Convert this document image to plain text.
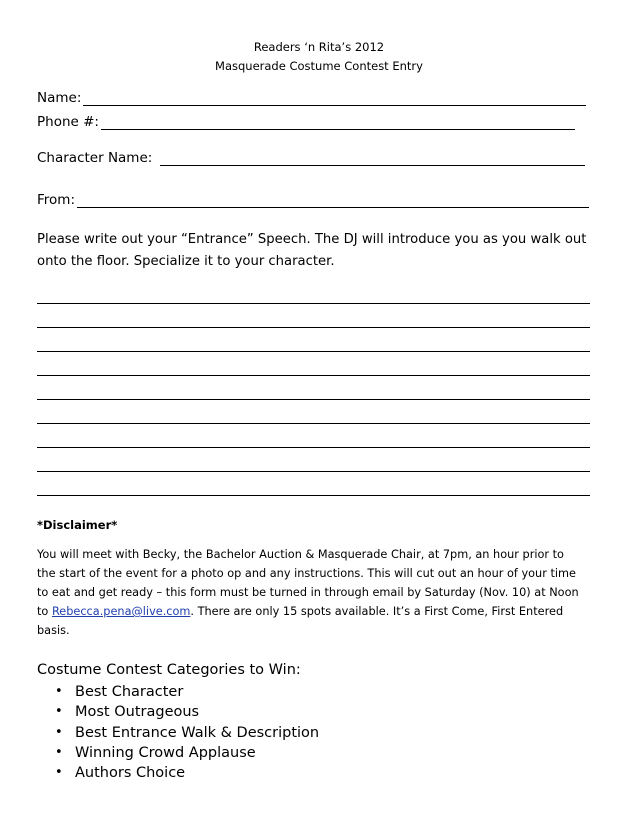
Readers ‘n Rita’s 2012
Masquerade Costume Contest Entry
Name:
Phone #:
Character Name:
From:
Please write out your “Entrance” Speech. The DJ will introduce you as you walk out
onto the floor. Specialize it to your character.
*Disclaimer*
You will meet with Becky, the Bachelor Auction & Masquerade Chair, at 7pm, an hour prior to
the start of the event for a photo op and any instructions. This will cut out an hour of your time
to eat and get ready – this form must be turned in through email by Saturday (Nov. 10) at Noon
to Rebecca.pena@live.com. There are only 15 spots available. It’s a First Come, First Entered
basis.
Costume Contest Categories to Win:
• Best Character
• Most Outrageous
• Best Entrance Walk & Description
• Winning Crowd Applause
• Authors Choice
